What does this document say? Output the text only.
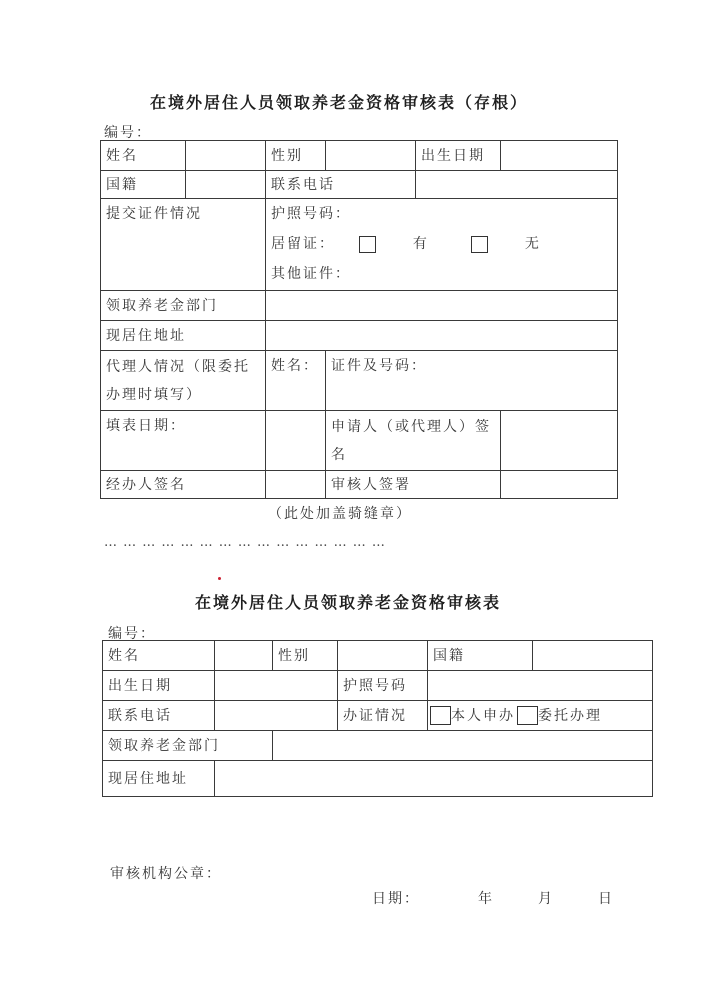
在境外居住人员领取养老金资格审核表（存根）
编号：
姓名		性别		出生日期	
国籍		联系电话			
提交证件情况		护照号码：
居留证： 有 无
其他证件：			

领取养老金部门					
现居住地址					
代理人情况（限委托办理时填写）		姓名：	证件及号码：		
填表日期：			申请人（或代理人）签名		
经办人签名			审核人签署		
（此处加盖骑缝章）
… … … … … … … … … … … … … … …
在境外居住人员领取养老金资格审核表
编号：
姓名		性别		国籍	
出生日期			护照号码		
联系电话			办证情况	本人申办 委托办理	
领取养老金部门					
现居住地址					
审核机构公章：
日期：	年	月	日
